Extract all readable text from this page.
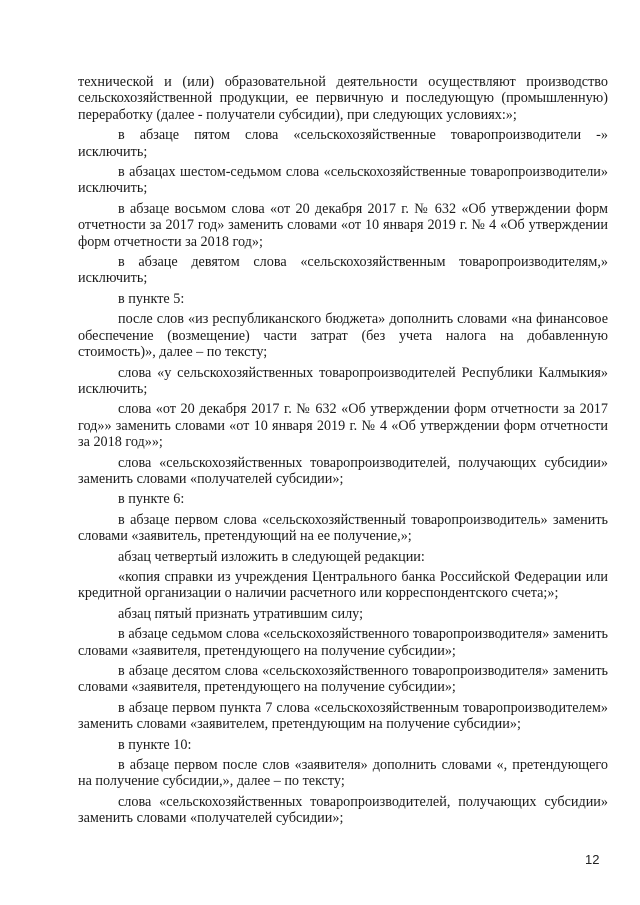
технической и (или) образовательной деятельности осуществляют производство сельскохозяйственной продукции, ее первичную и последующую (промышленную) переработку (далее - получатели субсидии), при следующих условиях:»;

в абзаце пятом слова «сельскохозяйственные товаропроизводители -» исключить;

в абзацах шестом-седьмом слова «сельскохозяйственные товаропроизводители» исключить;

в абзаце восьмом слова «от 20 декабря 2017 г. № 632 «Об утверждении форм отчетности за 2017 год» заменить словами «от 10 января 2019 г. № 4 «Об утверждении форм отчетности за 2018 год»;

в абзаце девятом слова «сельскохозяйственным товаропроизводителям,» исключить;

в пункте 5:

после слов «из республиканского бюджета» дополнить словами «на финансовое обеспечение (возмещение) части затрат (без учета налога на добавленную стоимость)», далее – по тексту;

слова «у сельскохозяйственных товаропроизводителей Республики Калмыкия» исключить;

слова «от 20 декабря 2017 г. № 632 «Об утверждении форм отчетности за 2017 год»» заменить словами «от 10 января 2019 г. № 4 «Об утверждении форм отчетности за 2018 год»»;

слова «сельскохозяйственных товаропроизводителей, получающих субсидии» заменить словами «получателей субсидии»;

в пункте 6:

в абзаце первом слова «сельскохозяйственный товаропроизводитель» заменить словами «заявитель, претендующий на ее получение,»;

абзац четвертый изложить в следующей редакции:

«копия справки из учреждения Центрального банка Российской Федерации или кредитной организации о наличии расчетного или корреспондентского счета;»;

абзац пятый признать утратившим силу;

в абзаце седьмом слова «сельскохозяйственного товаропроизводителя» заменить словами «заявителя, претендующего на получение субсидии»;

в абзаце десятом слова «сельскохозяйственного товаропроизводителя» заменить словами «заявителя, претендующего на получение субсидии»;

в абзаце первом пункта 7 слова «сельскохозяйственным товаропроизводителем» заменить словами «заявителем, претендующим на получение субсидии»;

в пункте 10:

в абзаце первом после слов «заявителя» дополнить словами «, претендующего на получение субсидии,», далее – по тексту;

слова «сельскохозяйственных товаропроизводителей, получающих субсидии» заменить словами «получателей субсидии»;

12
